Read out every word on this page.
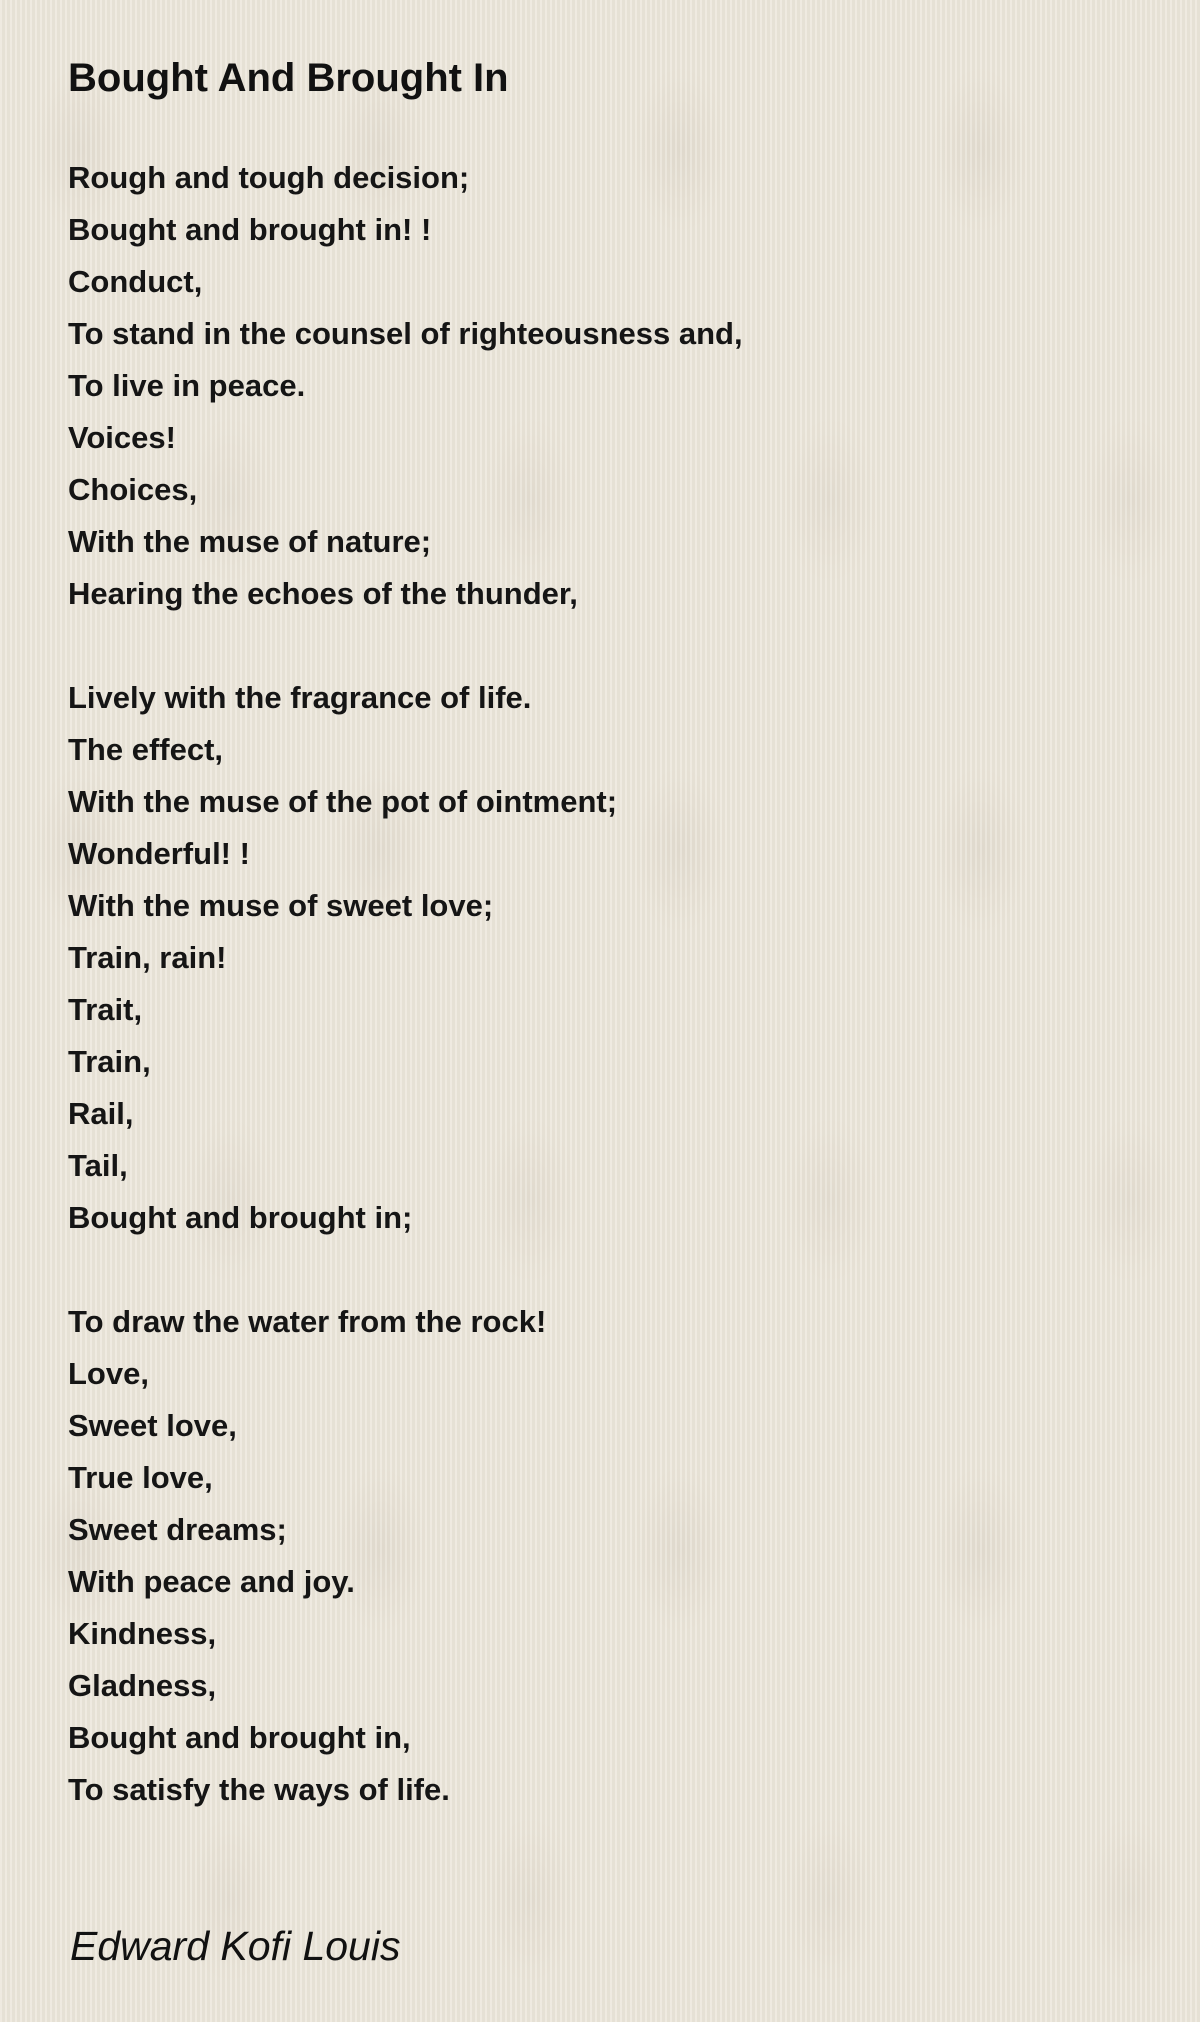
Bought And Brought In
Rough and tough decision;
Bought and brought in! !
Conduct,
To stand in the counsel of righteousness and,
To live in peace.
Voices!
Choices,
With the muse of nature;
Hearing the echoes of the thunder,
Lively with the fragrance of life.
The effect,
With the muse of the pot of ointment;
Wonderful! !
With the muse of sweet love;
Train, rain!
Trait,
Train,
Rail,
Tail,
Bought and brought in;
To draw the water from the rock!
Love,
Sweet love,
True love,
Sweet dreams;
With peace and joy.
Kindness,
Gladness,
Bought and brought in,
To satisfy the ways of life.
Edward Kofi Louis
